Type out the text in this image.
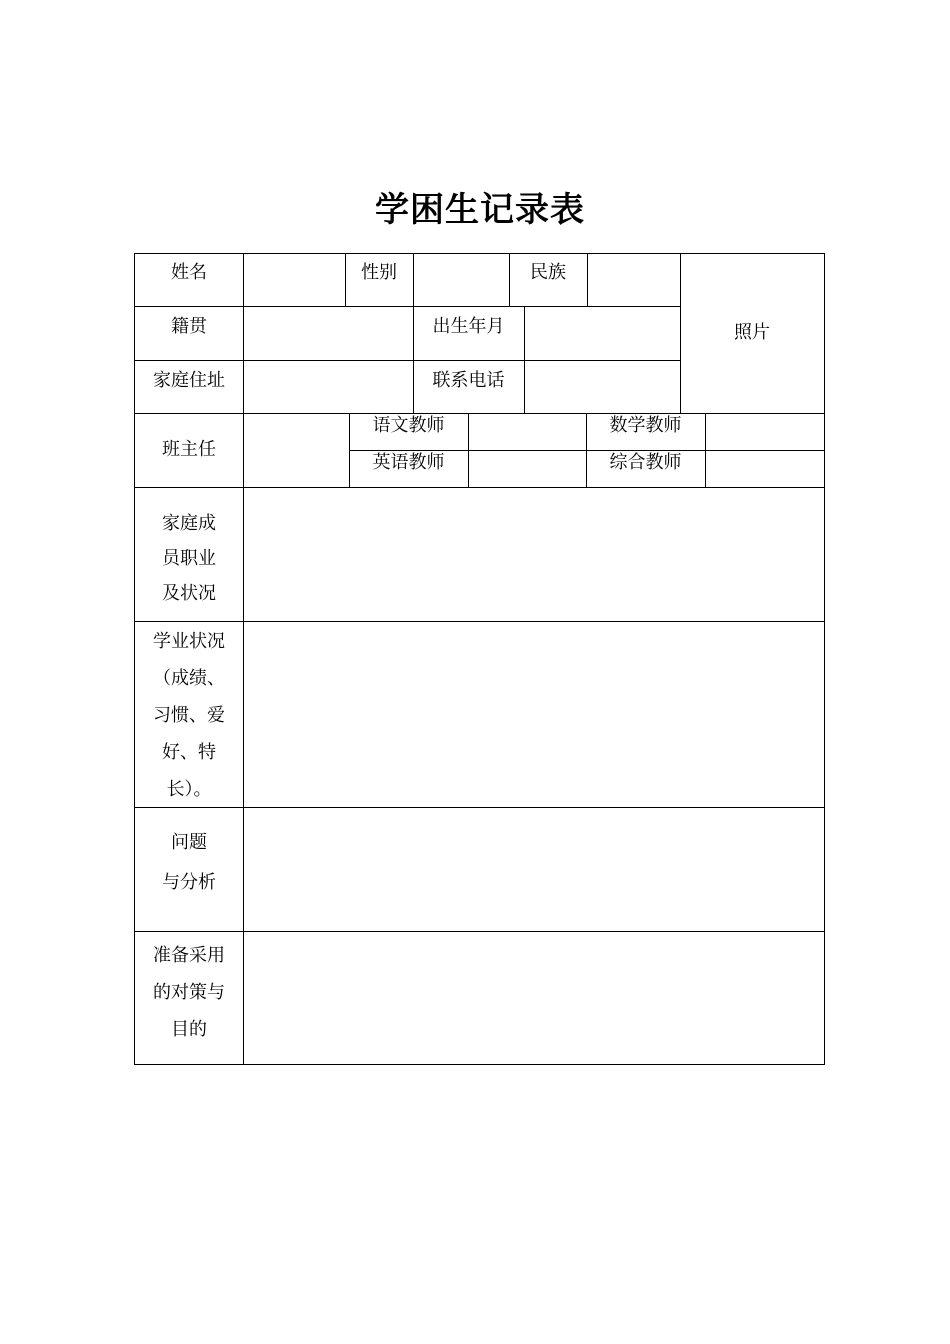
学困生记录表
姓名	性别	民族
照片
籍贯	出生年月
家庭住址	联系电话
班主任
语文教师	数学教师
英语教师	综合教师
家庭成
员职业
及状况
学业状况
（成绩、
习惯、爱
好、特
长）。
问题
与分析
准备采用
的对策与
目的
